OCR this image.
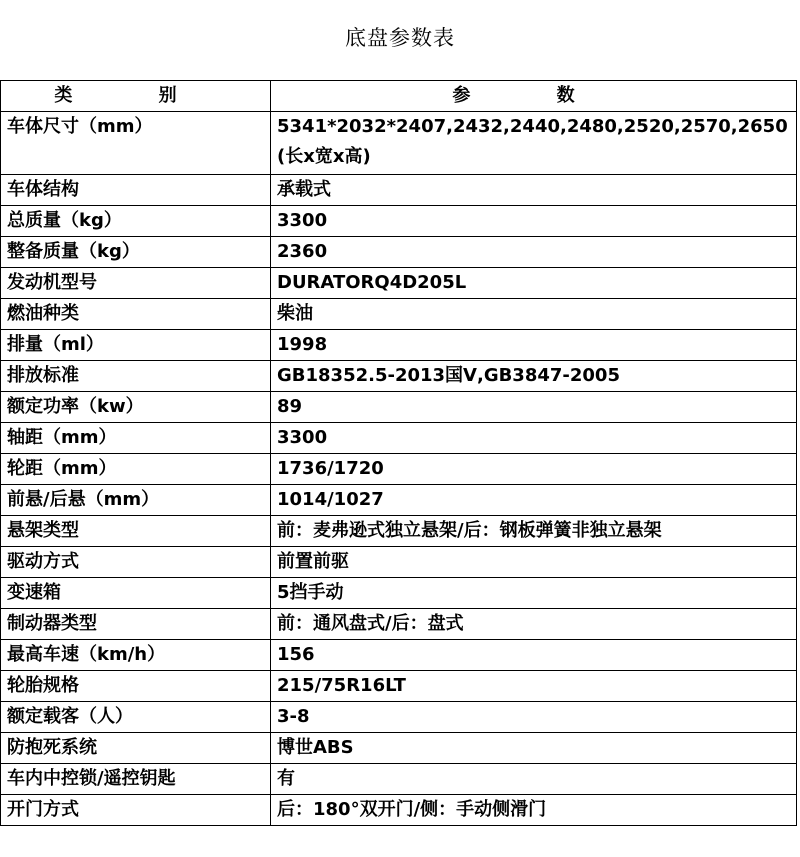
底盘参数表
类 别	参 数
车体尺寸（mm）	5341*2032*2407,2432,2440,2480,2520,2570,2650(长x宽x高)
车体结构	承载式
总质量（kg）	3300
整备质量（kg）	2360
发动机型号	DURATORQ4D205L
燃油种类	柴油
排量（ml）	1998
排放标准	GB18352.5-2013国Ⅴ,GB3847-2005
额定功率（kw）	89
轴距（mm）	3300
轮距（mm）	1736/1720
前悬/后悬（mm）	1014/1027
悬架类型	前：麦弗逊式独立悬架/后：钢板弹簧非独立悬架
驱动方式	前置前驱
变速箱	5挡手动
制动器类型	前：通风盘式/后：盘式
最高车速（km/h）	156
轮胎规格	215/75R16LT
额定载客（人）	3-8
防抱死系统	博世ABS
车内中控锁/遥控钥匙	有
开门方式	后：180°双开门/侧：手动侧滑门
